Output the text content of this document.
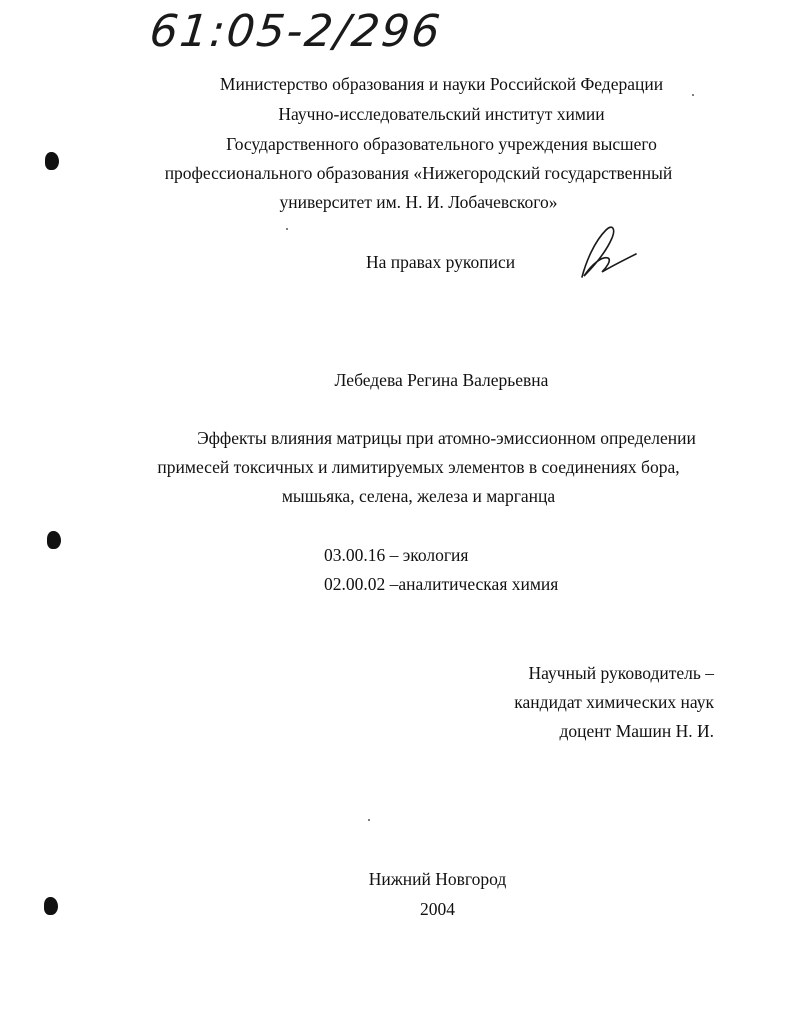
61:05-2/296
Министерство образования и науки Российской Федерации
Научно-исследовательский институт химии
Государственного образовательного учреждения высшего
профессионального образования «Нижегородский государственный
университет им. Н. И. Лобачевского»
На правах рукописи
Лебедева Регина Валерьевна
Эффекты влияния матрицы при атомно-эмиссионном определении
примесей токсичных и лимитируемых элементов в соединениях бора,
мышьяка, селена, железа и марганца
03.00.16 – экология
02.00.02 –аналитическая химия
Научный руководитель –
кандидат химических наук
доцент Машин Н. И.
Нижний Новгород
2004
